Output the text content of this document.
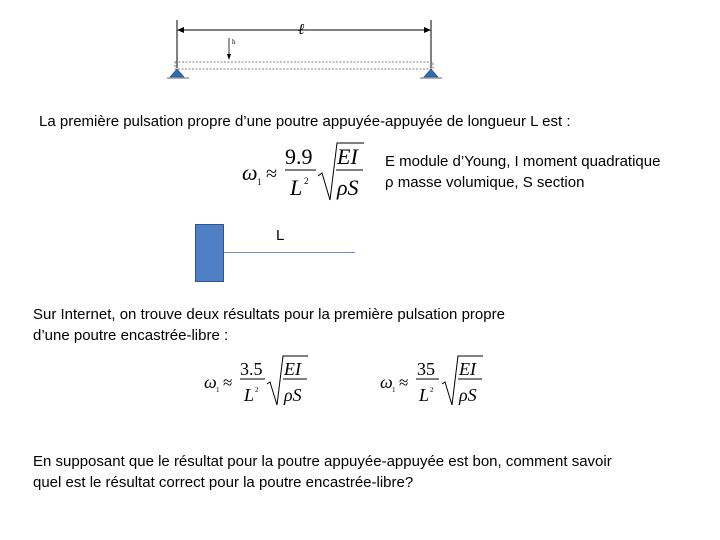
ℓ
h
La première pulsation propre d’une poutre appuyée-appuyée de longueur L est :
ω 1 ≈
9.9
L 2
EI
ρS
E module d’Young, I moment quadratique
ρ masse volumique, S section
L
Sur Internet, on trouve deux résultats pour la première pulsation propre
d’une poutre encastrée-libre :
ω 1 ≈
3.5
L 2
EI
ρS
ω 1 ≈
35
L 2
EI
ρS
En supposant que le résultat pour la poutre appuyée-appuyée est bon, comment savoir
quel est le résultat correct pour la poutre encastrée-libre?
